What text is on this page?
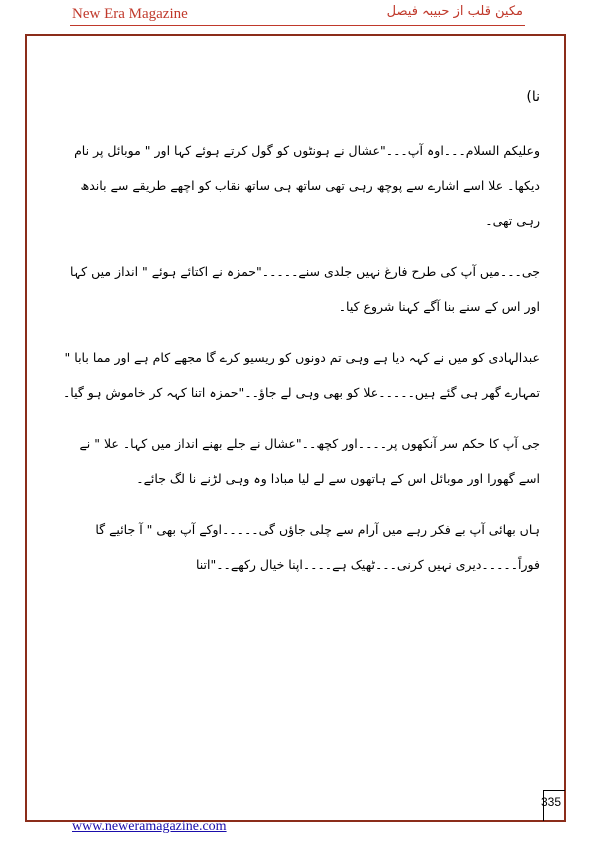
New Era Magazine	مکین قلب از حبیبہ فیصل

نا)

وعلیکم السلام۔۔۔اوہ آپ۔۔۔"عشال نے ہونٹوں کو گول کرتے ہوئے کہا اور " موبائل پر نام دیکھا۔ علا اسے اشارے سے پوچھ رہی تھی ساتھ ہی ساتھ نقاب کو اچھے طریقے سے باندھ رہی تھی۔

جی۔۔۔میں آپ کی طرح فارغ نہیں جلدی سنے۔۔۔۔۔"حمزہ نے اکتائے ہوئے " انداز میں کہا اور اس کے سنے بنا آگے کہنا شروع کیا۔

عبدالہادی کو میں نے کہہ دیا ہے وہی تم دونوں کو ریسیو کرے گا مجھے کام ہے اور مما بابا " تمہارے گھر ہی گئے ہیں۔۔۔۔۔علا کو بھی وہی لے جاؤ۔۔"حمزہ اتنا کہہ کر خاموش ہو گیا۔

جی آپ کا حکم سر آنکھوں پر۔۔۔۔اور کچھ۔۔"عشال نے جلے بھنے انداز میں کہا۔ علا " نے اسے گھورا اور موبائل اس کے ہاتھوں سے لے لیا مبادا وہ وہی لڑنے نا لگ جائے۔

ہاں بھائی آپ بے فکر رہے میں آرام سے چلی جاؤں گی۔۔۔۔۔اوکے آپ بھی " آ جائیے گا فوراً۔۔۔۔۔دیری نہیں کرنی۔۔۔ٹھیک ہے۔۔۔۔اپنا خیال رکھے۔۔"اتنا

335
www.neweramagazine.com
